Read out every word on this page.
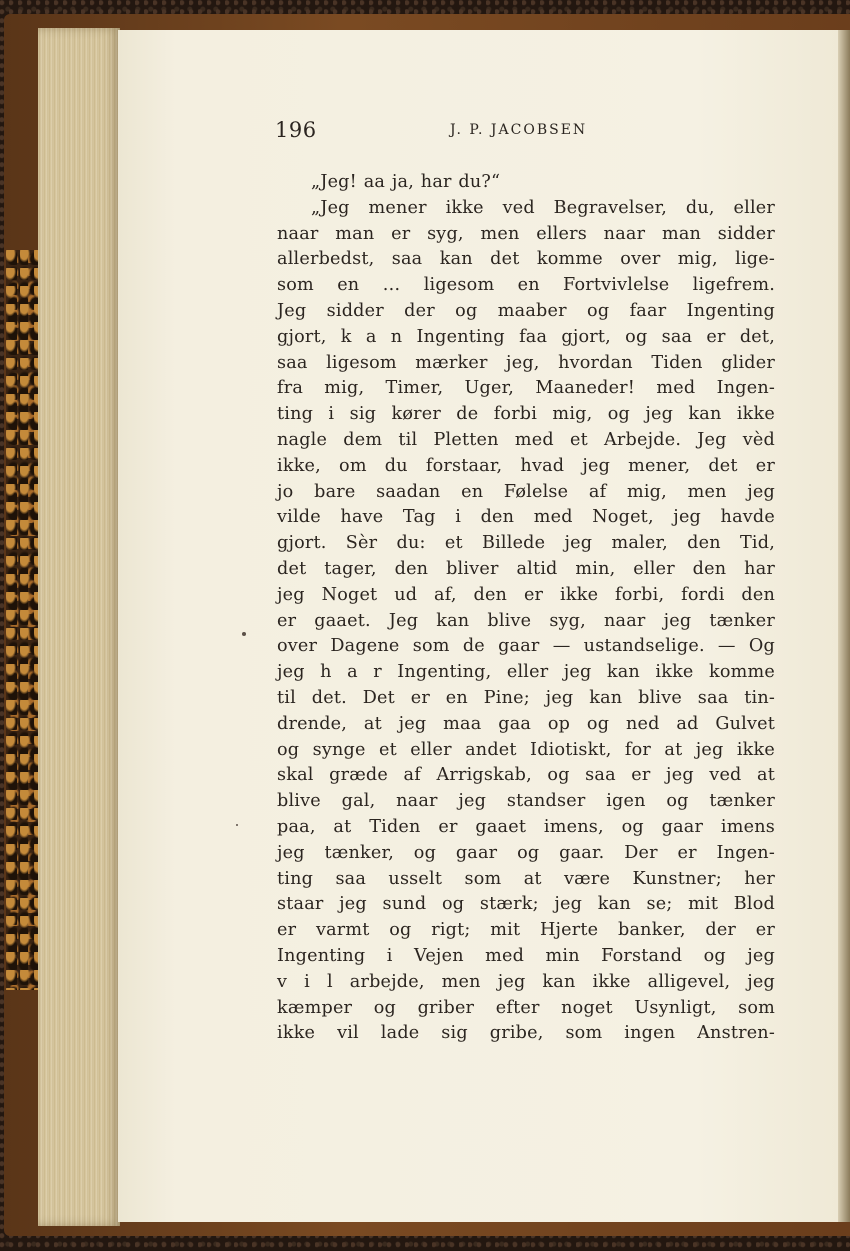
196	J. P. JACOBSEN
„Jeg! aa ja, har du?“
„Jeg mener ikke ved Begravelser, du, eller
naar man er syg, men ellers naar man sidder
allerbedst, saa kan det komme over mig, lige-
som en … ligesom en Fortvivlelse ligefrem.
Jeg sidder der og maaber og faar Ingenting
gjort, k a n Ingenting faa gjort, og saa er det,
saa ligesom mærker jeg, hvordan Tiden glider
fra mig, Timer, Uger, Maaneder! med Ingen-
ting i sig kører de forbi mig, og jeg kan ikke
nagle dem til Pletten med et Arbejde. Jeg vèd
ikke, om du forstaar, hvad jeg mener, det er
jo bare saadan en Følelse af mig, men jeg
vilde have Tag i den med Noget, jeg havde
gjort. Sèr du: et Billede jeg maler, den Tid,
det tager, den bliver altid min, eller den har
jeg Noget ud af, den er ikke forbi, fordi den
er gaaet. Jeg kan blive syg, naar jeg tænker
over Dagene som de gaar — ustandselige. — Og
jeg h a r Ingenting, eller jeg kan ikke komme
til det. Det er en Pine; jeg kan blive saa tin-
drende, at jeg maa gaa op og ned ad Gulvet
og synge et eller andet Idiotiskt, for at jeg ikke
skal græde af Arrigskab, og saa er jeg ved at
blive gal, naar jeg standser igen og tænker
paa, at Tiden er gaaet imens, og gaar imens
jeg tænker, og gaar og gaar. Der er Ingen-
ting saa usselt som at være Kunstner; her
staar jeg sund og stærk; jeg kan se; mit Blod
er varmt og rigt; mit Hjerte banker, der er
Ingenting i Vejen med min Forstand og jeg
v i l arbejde, men jeg kan ikke alligevel, jeg
kæmper og griber efter noget Usynligt, som
ikke vil lade sig gribe, som ingen Anstren-
